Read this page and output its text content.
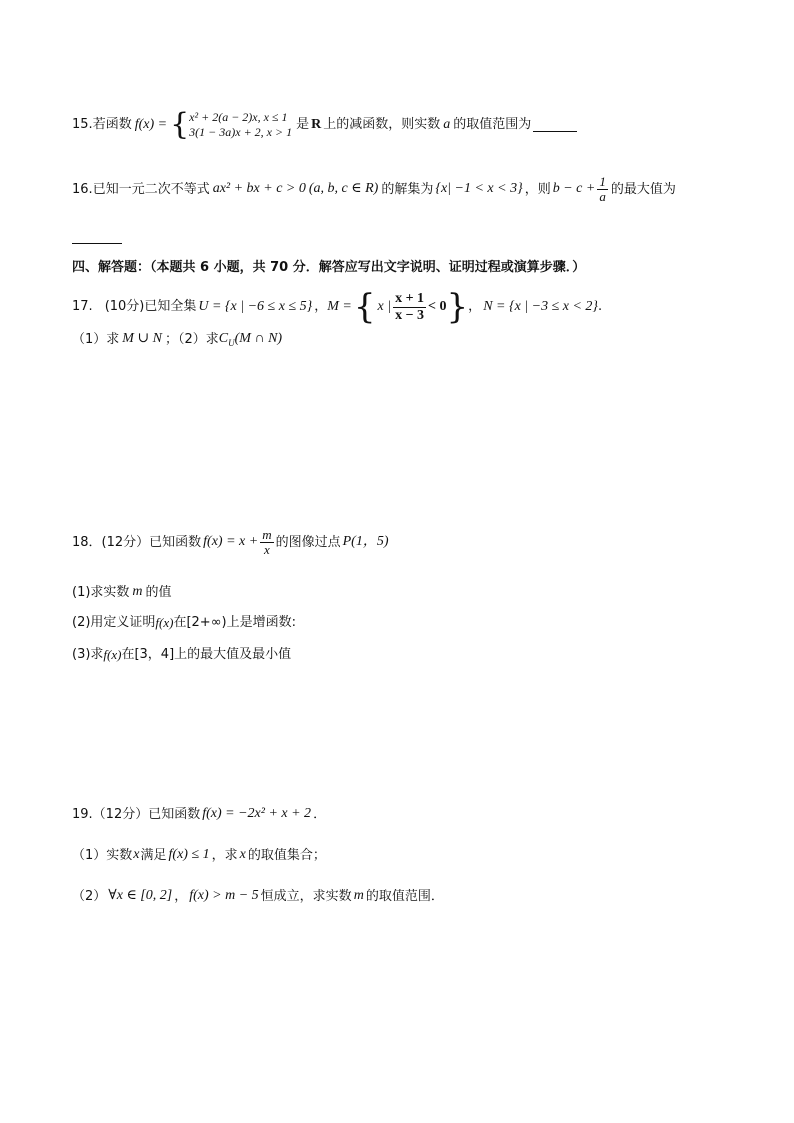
15. 若函数 f(x) = { x² + 2(a − 2)x, x ≤ 1
3(1 − 3a)x + 2, x > 1 是 R 上的减函数，则实数 a 的取值范围为
16. 已知一元二次不等式 ax² + bx + c > 0 (a, b, c ∈ R) 的解集为 {x| −1 < x < 3} ，则 $b - c + \frac{1}{a}$ 的最大值为
四、解答题：（本题共 6 小题，共 70 分．解答应写出文字说明、证明过程或演算步骤．）
17. (10分)已知全集 U = {x | −6 ≤ x ≤ 5} ， M = { x | $\frac{x + 1}{x - 3} < 0$ } ， N = {x | −3 ≤ x < 2} .
（1）求 M ∪ N ；（2）求 C U (M ∩ N)
18．(12分）已知函数 $f(x) = x + \frac{m}{x}$ 的图像过点 P(1，5)
(1)求实数 m 的值
(2)用定义证明 f(x) 在[2+∞)上是增函数:
(3)求 f(x) 在[3，4]上的最大值及最小值
19.（12分）已知函数 f(x) = −2x² + x + 2 ．
（1）实数 x 满足 f(x) ≤ 1 ，求 x 的取值集合；
（2） ∀x ∈ [0, 2] ， f(x) > m − 5 恒成立，求实数 m 的取值范围．
